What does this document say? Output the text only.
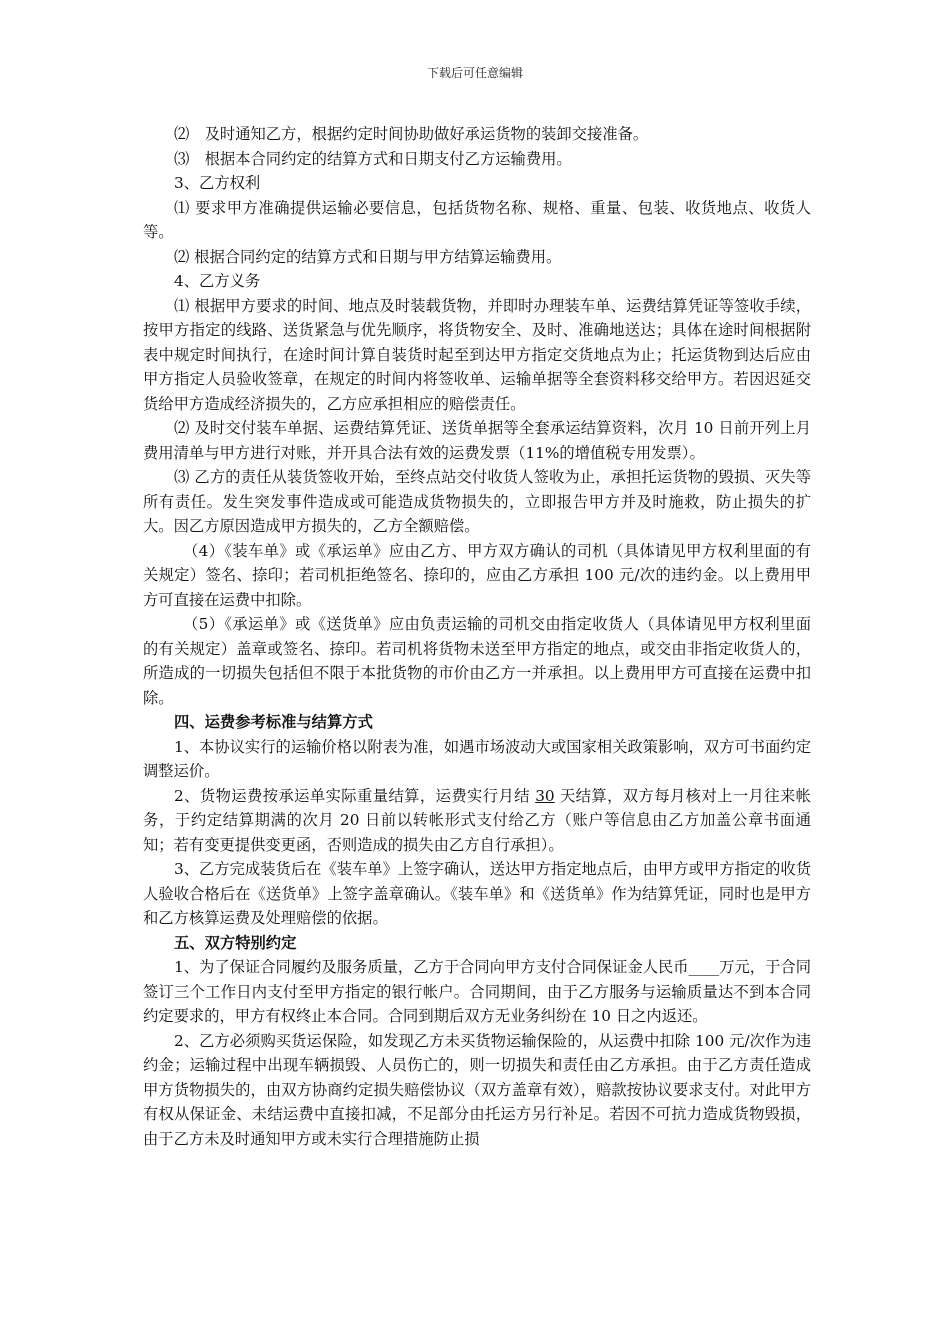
下载后可任意编辑

⑵　及时通知乙方，根据约定时间协助做好承运货物的装卸交接准备。

⑶　根据本合同约定的结算方式和日期支付乙方运输费用。

3、乙方权利

⑴ 要求甲方准确提供运输必要信息，包括货物名称、规格、重量、包装、收货地点、收货人等。

⑵ 根据合同约定的结算方式和日期与甲方结算运输费用。

4、乙方义务

⑴ 根据甲方要求的时间、地点及时装载货物，并即时办理装车单、运费结算凭证等签收手续，按甲方指定的线路、送货紧急与优先顺序，将货物安全、及时、准确地送达；具体在途时间根据附表中规定时间执行，在途时间计算自装货时起至到达甲方指定交货地点为止；托运货物到达后应由甲方指定人员验收签章，在规定的时间内将签收单、运输单据等全套资料移交给甲方。若因迟延交货给甲方造成经济损失的，乙方应承担相应的赔偿责任。

⑵ 及时交付装车单据、运费结算凭证、送货单据等全套承运结算资料，次月 10 日前开列上月费用清单与甲方进行对账，并开具合法有效的运费发票（11%的增值税专用发票）。

⑶ 乙方的责任从装货签收开始，至终点站交付收货人签收为止，承担托运货物的毁损、灭失等所有责任。发生突发事件造成或可能造成货物损失的，立即报告甲方并及时施救，防止损失的扩大。因乙方原因造成甲方损失的，乙方全额赔偿。

（4）《装车单》或《承运单》应由乙方、甲方双方确认的司机（具体请见甲方权利里面的有关规定）签名、捺印；若司机拒绝签名、捺印的，应由乙方承担 100 元/次的违约金。以上费用甲方可直接在运费中扣除。

（5）《承运单》或《送货单》应由负责运输的司机交由指定收货人（具体请见甲方权利里面的有关规定）盖章或签名、捺印。若司机将货物未送至甲方指定的地点，或交由非指定收货人的，所造成的一切损失包括但不限于本批货物的市价由乙方一并承担。以上费用甲方可直接在运费中扣除。

四、运费参考标准与结算方式

1、本协议实行的运输价格以附表为准，如遇市场波动大或国家相关政策影响，双方可书面约定调整运价。

2、货物运费按承运单实际重量结算，运费实行月结 30 天结算，双方每月核对上一月往来帐务，于约定结算期满的次月 20 日前以转帐形式支付给乙方（账户等信息由乙方加盖公章书面通知；若有变更提供变更函，否则造成的损失由乙方自行承担）。

3、乙方完成装货后在《装车单》上签字确认，送达甲方指定地点后，由甲方或甲方指定的收货人验收合格后在《送货单》上签字盖章确认。《装车单》和《送货单》作为结算凭证，同时也是甲方和乙方核算运费及处理赔偿的依据。

五、双方特别约定

1、为了保证合同履约及服务质量，乙方于合同向甲方支付合同保证金人民币____万元，于合同签订三个工作日内支付至甲方指定的银行帐户。合同期间，由于乙方服务与运输质量达不到本合同约定要求的，甲方有权终止本合同。合同到期后双方无业务纠纷在 10 日之内返还。

2、乙方必须购买货运保险，如发现乙方未买货物运输保险的，从运费中扣除 100 元/次作为违约金；运输过程中出现车辆损毁、人员伤亡的，则一切损失和责任由乙方承担。由于乙方责任造成甲方货物损失的，由双方协商约定损失赔偿协议（双方盖章有效），赔款按协议要求支付。对此甲方有权从保证金、未结运费中直接扣减，不足部分由托运方另行补足。若因不可抗力造成货物毁损，由于乙方未及时通知甲方或未实行合理措施防止损
